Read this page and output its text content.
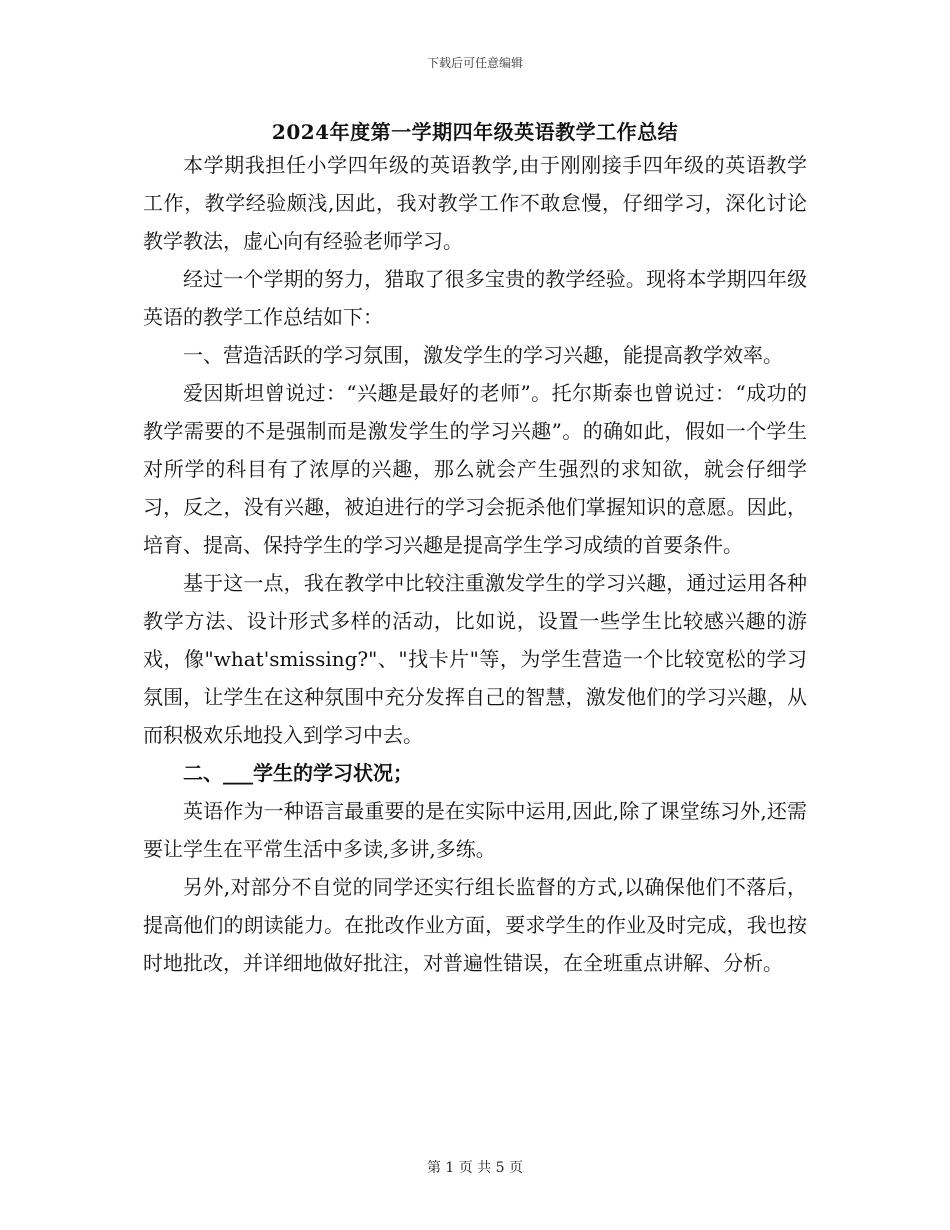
下载后可任意编辑
2024年度第一学期四年级英语教学工作总结

本学期我担任小学四年级的英语教学,由于刚刚接手四年级的英语教学工作，教学经验颇浅,因此，我对教学工作不敢怠慢，仔细学习，深化讨论教学教法，虚心向有经验老师学习。

经过一个学期的努力，猎取了很多宝贵的教学经验。现将本学期四年级英语的教学工作总结如下：

一、营造活跃的学习氛围，激发学生的学习兴趣，能提高教学效率。

爱因斯坦曾说过：“兴趣是最好的老师”。托尔斯泰也曾说过：“成功的教学需要的不是强制而是激发学生的学习兴趣”。的确如此，假如一个学生对所学的科目有了浓厚的兴趣，那么就会产生强烈的求知欲，就会仔细学习，反之，没有兴趣，被迫进行的学习会扼杀他们掌握知识的意愿。因此，培育、提高、保持学生的学习兴趣是提高学生学习成绩的首要条件。

基于这一点，我在教学中比较注重激发学生的学习兴趣，通过运用各种教学方法、设计形式多样的活动，比如说，设置一些学生比较感兴趣的游戏，像"what'smissing?"、"找卡片"等，为学生营造一个比较宽松的学习氛围，让学生在这种氛围中充分发挥自己的智慧，激发他们的学习兴趣，从而积极欢乐地投入到学习中去。

二、___学生的学习状况；

英语作为一种语言最重要的是在实际中运用,因此,除了课堂练习外,还需要让学生在平常生活中多读,多讲,多练。

另外,对部分不自觉的同学还实行组长监督的方式,以确保他们不落后，提高他们的朗读能力。在批改作业方面，要求学生的作业及时完成，我也按时地批改，并详细地做好批注，对普遍性错误，在全班重点讲解、分析。

第 1 页 共 5 页
